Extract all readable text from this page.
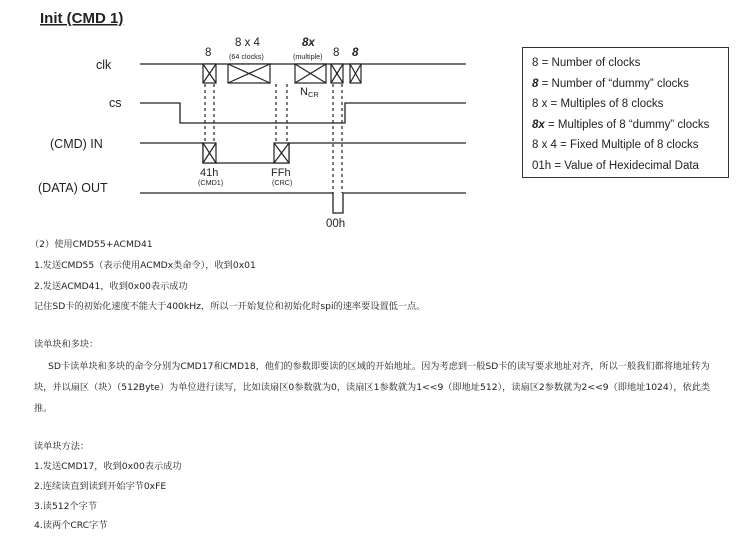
Init (CMD 1)
clk
cs
(CMD) IN
(DATA) OUT
8
8 x 4
(64 clocks)
8x
(multiple) 8 8
NCR
41h
(CMD1)
FFh
(CRC)
00h
8 = Number of clocks
8 = Number of “dummy” clocks
8 x = Multiples of 8 clocks
8x = Multiples of 8 “dummy” clocks
8 x 4 = Fixed Multiple of 8 clocks
01h = Value of Hexidecimal Data
（2）使用CMD55+ACMD41
1.发送CMD55（表示使用ACMDx类命令），收到0x01
2.发送ACMD41，收到0x00表示成功
记住SD卡的初始化速度不能大于400kHz，所以一开始复位和初始化时spi的速率要设置低一点。
读单块和多块：
SD卡读单块和多块的命令分别为CMD17和CMD18，他们的参数即要读的区域的开始地址。因为考虑到一般SD卡的读写要求地址对齐，所以一般我们都将地址转为块，并以扇区（块）（512Byte）为单位进行读写，比如读扇区0参数就为0，读扇区1参数就为1<<9（即地址512），读扇区2参数就为2<<9（即地址1024），依此类推。
读单块方法：
1.发送CMD17，收到0x00表示成功
2.连续读直到读到开始字节0xFE
3.读512个字节
4.读两个CRC字节
